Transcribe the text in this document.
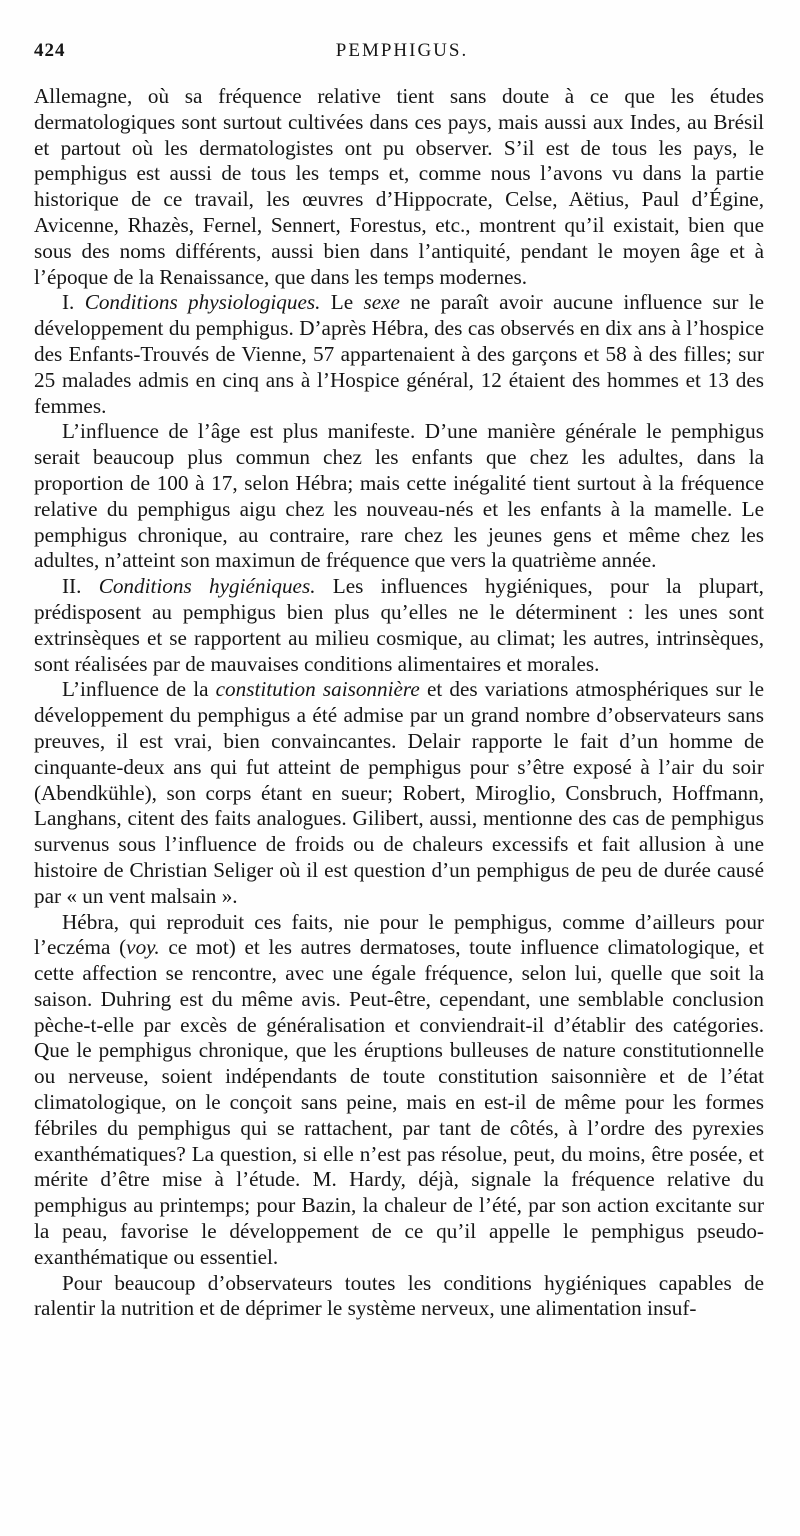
424	PEMPHIGUS.

Allemagne, où sa fréquence relative tient sans doute à ce que les études dermatologiques sont surtout cultivées dans ces pays, mais aussi aux Indes, au Brésil et partout où les dermatologistes ont pu observer. S’il est de tous les pays, le pemphigus est aussi de tous les temps et, comme nous l’avons vu dans la partie historique de ce travail, les œuvres d’Hippocrate, Celse, Aëtius, Paul d’Égine, Avicenne, Rhazès, Fernel, Sennert, Forestus, etc., montrent qu’il existait, bien que sous des noms différents, aussi bien dans l’antiquité, pendant le moyen âge et à l’époque de la Renaissance, que dans les temps modernes.

I. Conditions physiologiques. Le sexe ne paraît avoir aucune influence sur le développement du pemphigus. D’après Hébra, des cas observés en dix ans à l’hospice des Enfants-Trouvés de Vienne, 57 appartenaient à des garçons et 58 à des filles; sur 25 malades admis en cinq ans à l’Hospice général, 12 étaient des hommes et 13 des femmes.

L’influence de l’âge est plus manifeste. D’une manière générale le pemphigus serait beaucoup plus commun chez les enfants que chez les adultes, dans la proportion de 100 à 17, selon Hébra; mais cette inégalité tient surtout à la fréquence relative du pemphigus aigu chez les nouveau-nés et les enfants à la mamelle. Le pemphigus chronique, au contraire, rare chez les jeunes gens et même chez les adultes, n’atteint son maximun de fréquence que vers la quatrième année.

II. Conditions hygiéniques. Les influences hygiéniques, pour la plupart, prédisposent au pemphigus bien plus qu’elles ne le déterminent : les unes sont extrinsèques et se rapportent au milieu cosmique, au climat; les autres, intrinsèques, sont réalisées par de mauvaises conditions alimentaires et morales.

L’influence de la constitution saisonnière et des variations atmosphériques sur le développement du pemphigus a été admise par un grand nombre d’observateurs sans preuves, il est vrai, bien convaincantes. Delair rapporte le fait d’un homme de cinquante-deux ans qui fut atteint de pemphigus pour s’être exposé à l’air du soir (Abendkühle), son corps étant en sueur; Robert, Miroglio, Consbruch, Hoffmann, Langhans, citent des faits analogues. Gilibert, aussi, mentionne des cas de pemphigus survenus sous l’influence de froids ou de chaleurs excessifs et fait allusion à une histoire de Christian Seliger où il est question d’un pemphigus de peu de durée causé par « un vent malsain ».

Hébra, qui reproduit ces faits, nie pour le pemphigus, comme d’ailleurs pour l’eczéma (voy. ce mot) et les autres dermatoses, toute influence climatologique, et cette affection se rencontre, avec une égale fréquence, selon lui, quelle que soit la saison. Duhring est du même avis. Peut-être, cependant, une semblable conclusion pèche-t-elle par excès de généralisation et conviendrait-il d’établir des catégories. Que le pemphigus chronique, que les éruptions bulleuses de nature constitutionnelle ou nerveuse, soient indépendants de toute constitution saisonnière et de l’état climatologique, on le conçoit sans peine, mais en est-il de même pour les formes fébriles du pemphigus qui se rattachent, par tant de côtés, à l’ordre des pyrexies exanthématiques? La question, si elle n’est pas résolue, peut, du moins, être posée, et mérite d’être mise à l’étude. M. Hardy, déjà, signale la fréquence relative du pemphigus au printemps; pour Bazin, la chaleur de l’été, par son action excitante sur la peau, favorise le développement de ce qu’il appelle le pemphigus pseudo-exanthématique ou essentiel.

Pour beaucoup d’observateurs toutes les conditions hygiéniques capables de ralentir la nutrition et de déprimer le système nerveux, une alimentation insuf-
